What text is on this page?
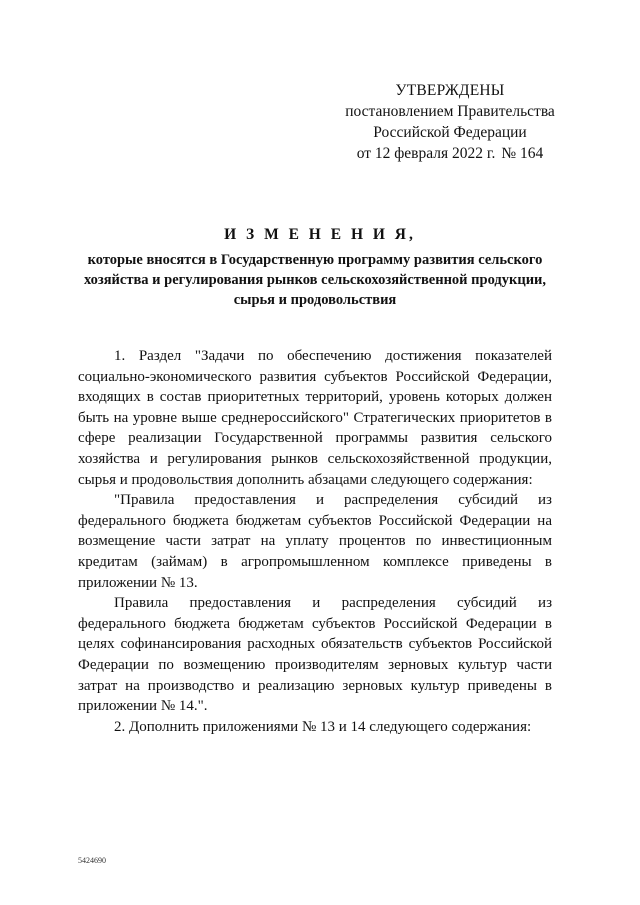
УТВЕРЖДЕНЫ
постановлением Правительства
Российской Федерации
от 12 февраля 2022 г. № 164
И З М Е Н Е Н И Я,
которые вносятся в Государственную программу развития сельского хозяйства и регулирования рынков сельскохозяйственной продукции, сырья и продовольствия

1. Раздел "Задачи по обеспечению достижения показателей социально-экономического развития субъектов Российской Федерации, входящих в состав приоритетных территорий, уровень которых должен быть на уровне выше среднероссийского" Стратегических приоритетов в сфере реализации Государственной программы развития сельского хозяйства и регулирования рынков сельскохозяйственной продукции, сырья и продовольствия дополнить абзацами следующего содержания:

"Правила предоставления и распределения субсидий из федерального бюджета бюджетам субъектов Российской Федерации на возмещение части затрат на уплату процентов по инвестиционным кредитам (займам) в агропромышленном комплексе приведены в приложении № 13.

Правила предоставления и распределения субсидий из федерального бюджета бюджетам субъектов Российской Федерации в целях софинансирования расходных обязательств субъектов Российской Федерации по возмещению производителям зерновых культур части затрат на производство и реализацию зерновых культур приведены в приложении № 14.".

2. Дополнить приложениями № 13 и 14 следующего содержания:

5424690
